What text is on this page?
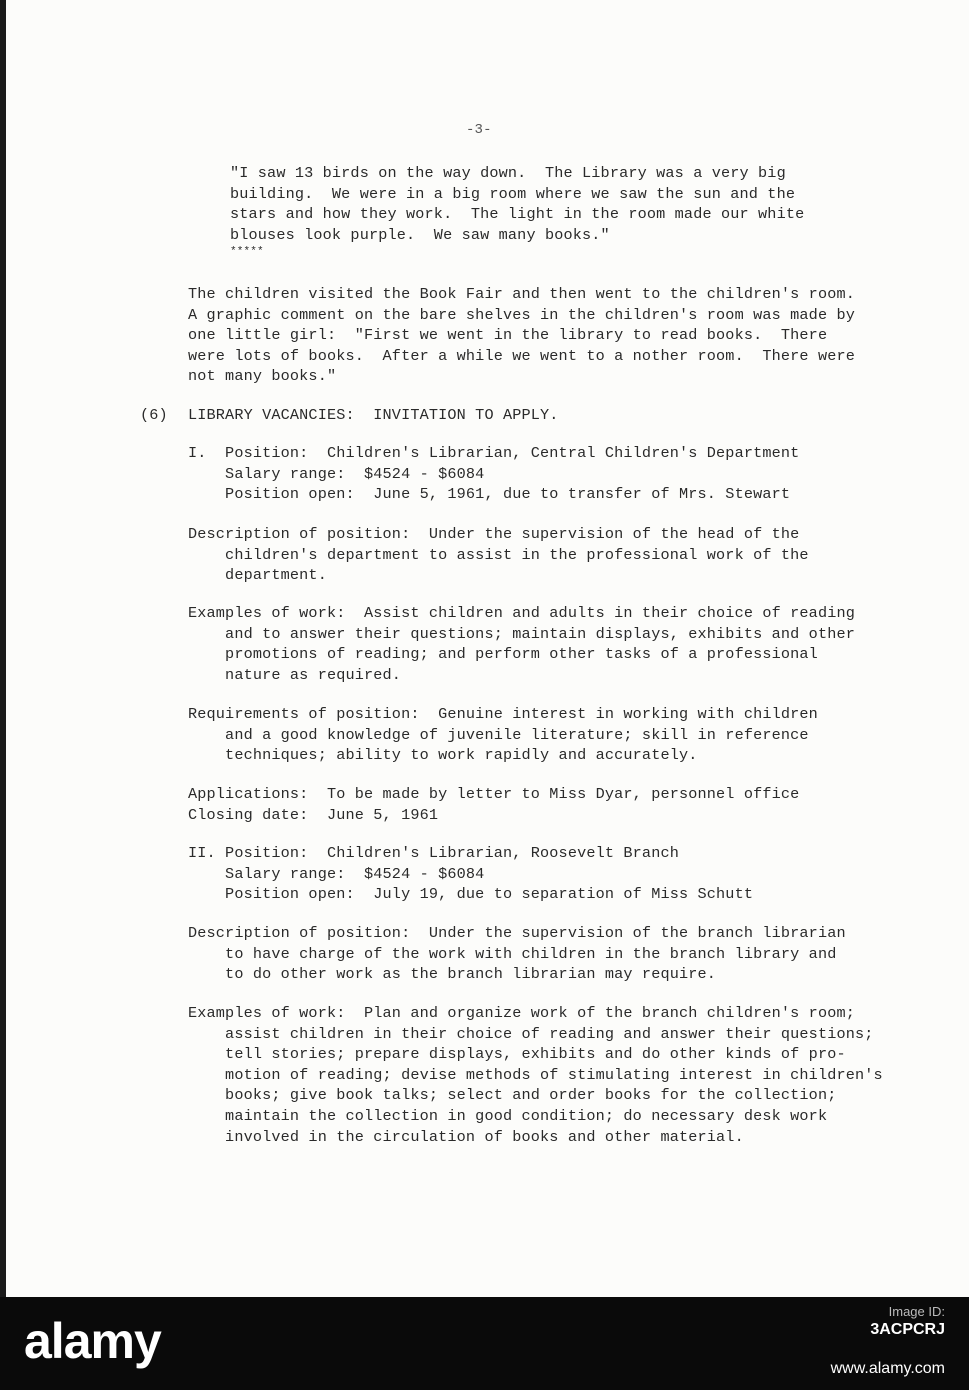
-3-
"I saw 13 birds on the way down.  The Library was a very big
building.  We were in a big room where we saw the sun and the
stars and how they work.  The light in the room made our white
blouses look purple.  We saw many books."
*****
The children visited the Book Fair and then went to the children's room.
A graphic comment on the bare shelves in the children's room was made by
one little girl:  "First we went in the library to read books.  There
were lots of books.  After a while we went to a nother room.  There were
not many books."
(6) LIBRARY VACANCIES:  INVITATION TO APPLY.
I.  Position:  Children's Librarian, Central Children's Department
Salary range:  $4524 - $6084
Position open:  June 5, 1961, due to transfer of Mrs. Stewart
Description of position:  Under the supervision of the head of the
children's department to assist in the professional work of the
department.
Examples of work:  Assist children and adults in their choice of reading
and to answer their questions; maintain displays, exhibits and other
promotions of reading; and perform other tasks of a professional
nature as required.
Requirements of position:  Genuine interest in working with children
and a good knowledge of juvenile literature; skill in reference
techniques; ability to work rapidly and accurately.
Applications:  To be made by letter to Miss Dyar, personnel office
Closing date:  June 5, 1961
II. Position:  Children's Librarian, Roosevelt Branch
Salary range:  $4524 - $6084
Position open:  July 19, due to separation of Miss Schutt
Description of position:  Under the supervision of the branch librarian
to have charge of the work with children in the branch library and
to do other work as the branch librarian may require.
Examples of work:  Plan and organize work of the branch children's room;
assist children in their choice of reading and answer their questions;
tell stories; prepare displays, exhibits and do other kinds of pro-
motion of reading; devise methods of stimulating interest in children's
books; give book talks; select and order books for the collection;
maintain the collection in good condition; do necessary desk work
involved in the circulation of books and other material.
alamy
Image ID:
3ACPCRJ
www.alamy.com
